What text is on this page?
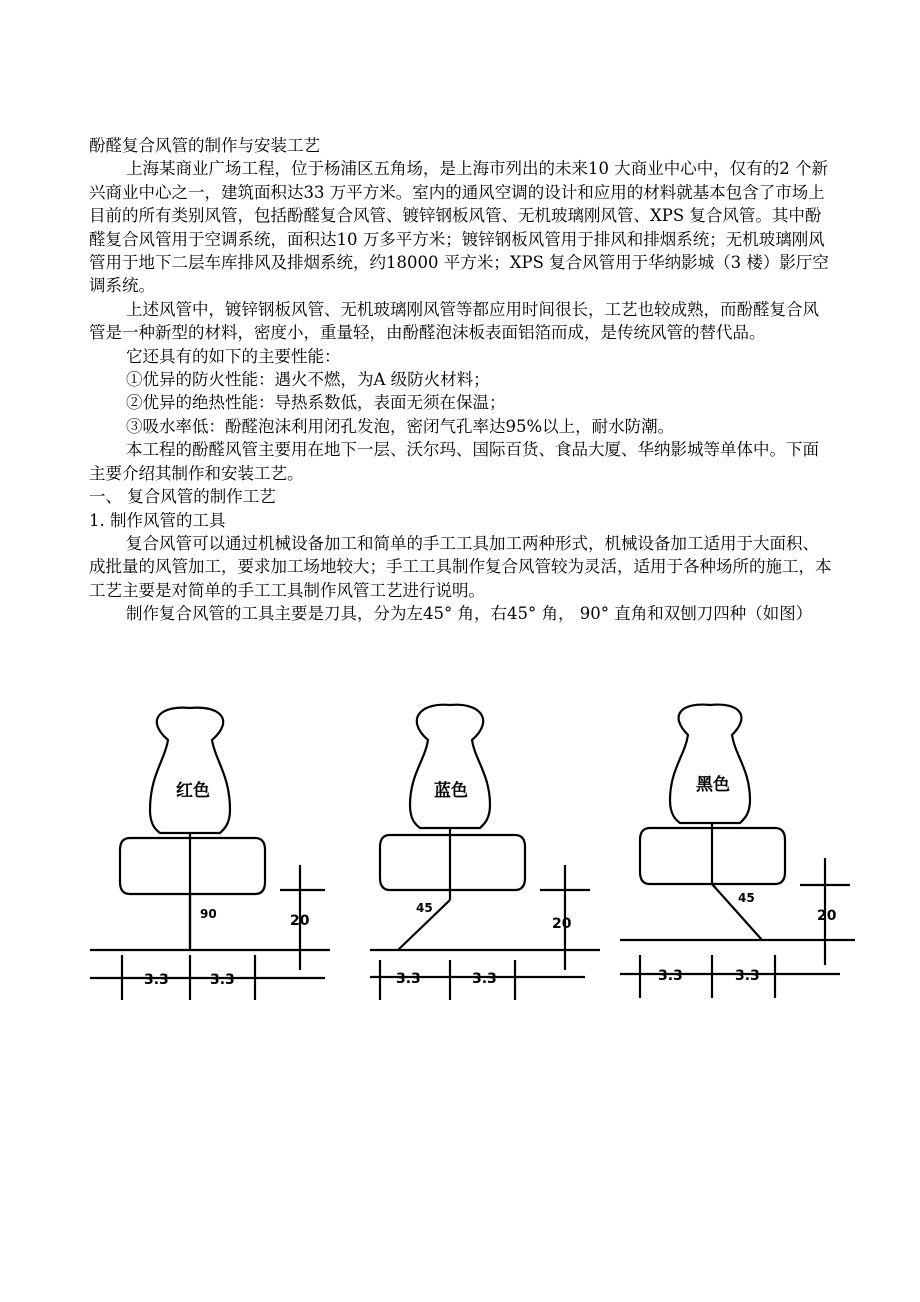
酚醛复合风管的制作与安装工艺

上海某商业广场工程，位于杨浦区五角场，是上海市列出的未来10 大商业中心中，仅有的2 个新兴商业中心之一，建筑面积达33 万平方米。室内的通风空调的设计和应用的材料就基本包含了市场上目前的所有类别风管，包括酚醛复合风管、镀锌钢板风管、无机玻璃刚风管、XPS 复合风管。其中酚醛复合风管用于空调系统，面积达10 万多平方米；镀锌钢板风管用于排风和排烟系统；无机玻璃刚风管用于地下二层车库排风及排烟系统，约18000 平方米；XPS 复合风管用于华纳影城（3 楼）影厅空调系统。

上述风管中，镀锌钢板风管、无机玻璃刚风管等都应用时间很长，工艺也较成熟，而酚醛复合风管是一种新型的材料，密度小，重量轻，由酚醛泡沫板表面铝箔而成，是传统风管的替代品。

它还具有的如下的主要性能：

①优异的防火性能：遇火不燃，为A 级防火材料；

②优异的绝热性能：导热系数低，表面无须在保温；

③吸水率低：酚醛泡沫利用闭孔发泡，密闭气孔率达95%以上，耐水防潮。

本工程的酚醛风管主要用在地下一层、沃尔玛、国际百货、食品大厦、华纳影城等单体中。下面主要介绍其制作和安装工艺。

一、 复合风管的制作工艺

1. 制作风管的工具

复合风管可以通过机械设备加工和简单的手工工具加工两种形式，机械设备加工适用于大面积、成批量的风管加工，要求加工场地较大；手工工具制作复合风管较为灵活，适用于各种场所的施工，本工艺主要是对简单的手工工具制作风管工艺进行说明。

制作复合风管的工具主要是刀具，分为左45° 角，右45° 角， 90° 直角和双刨刀四种（如图）

红色
90	20
3.3	3.3
蓝色
45
20
3.3	3.3
黑色
45
20
3.3	3.3
